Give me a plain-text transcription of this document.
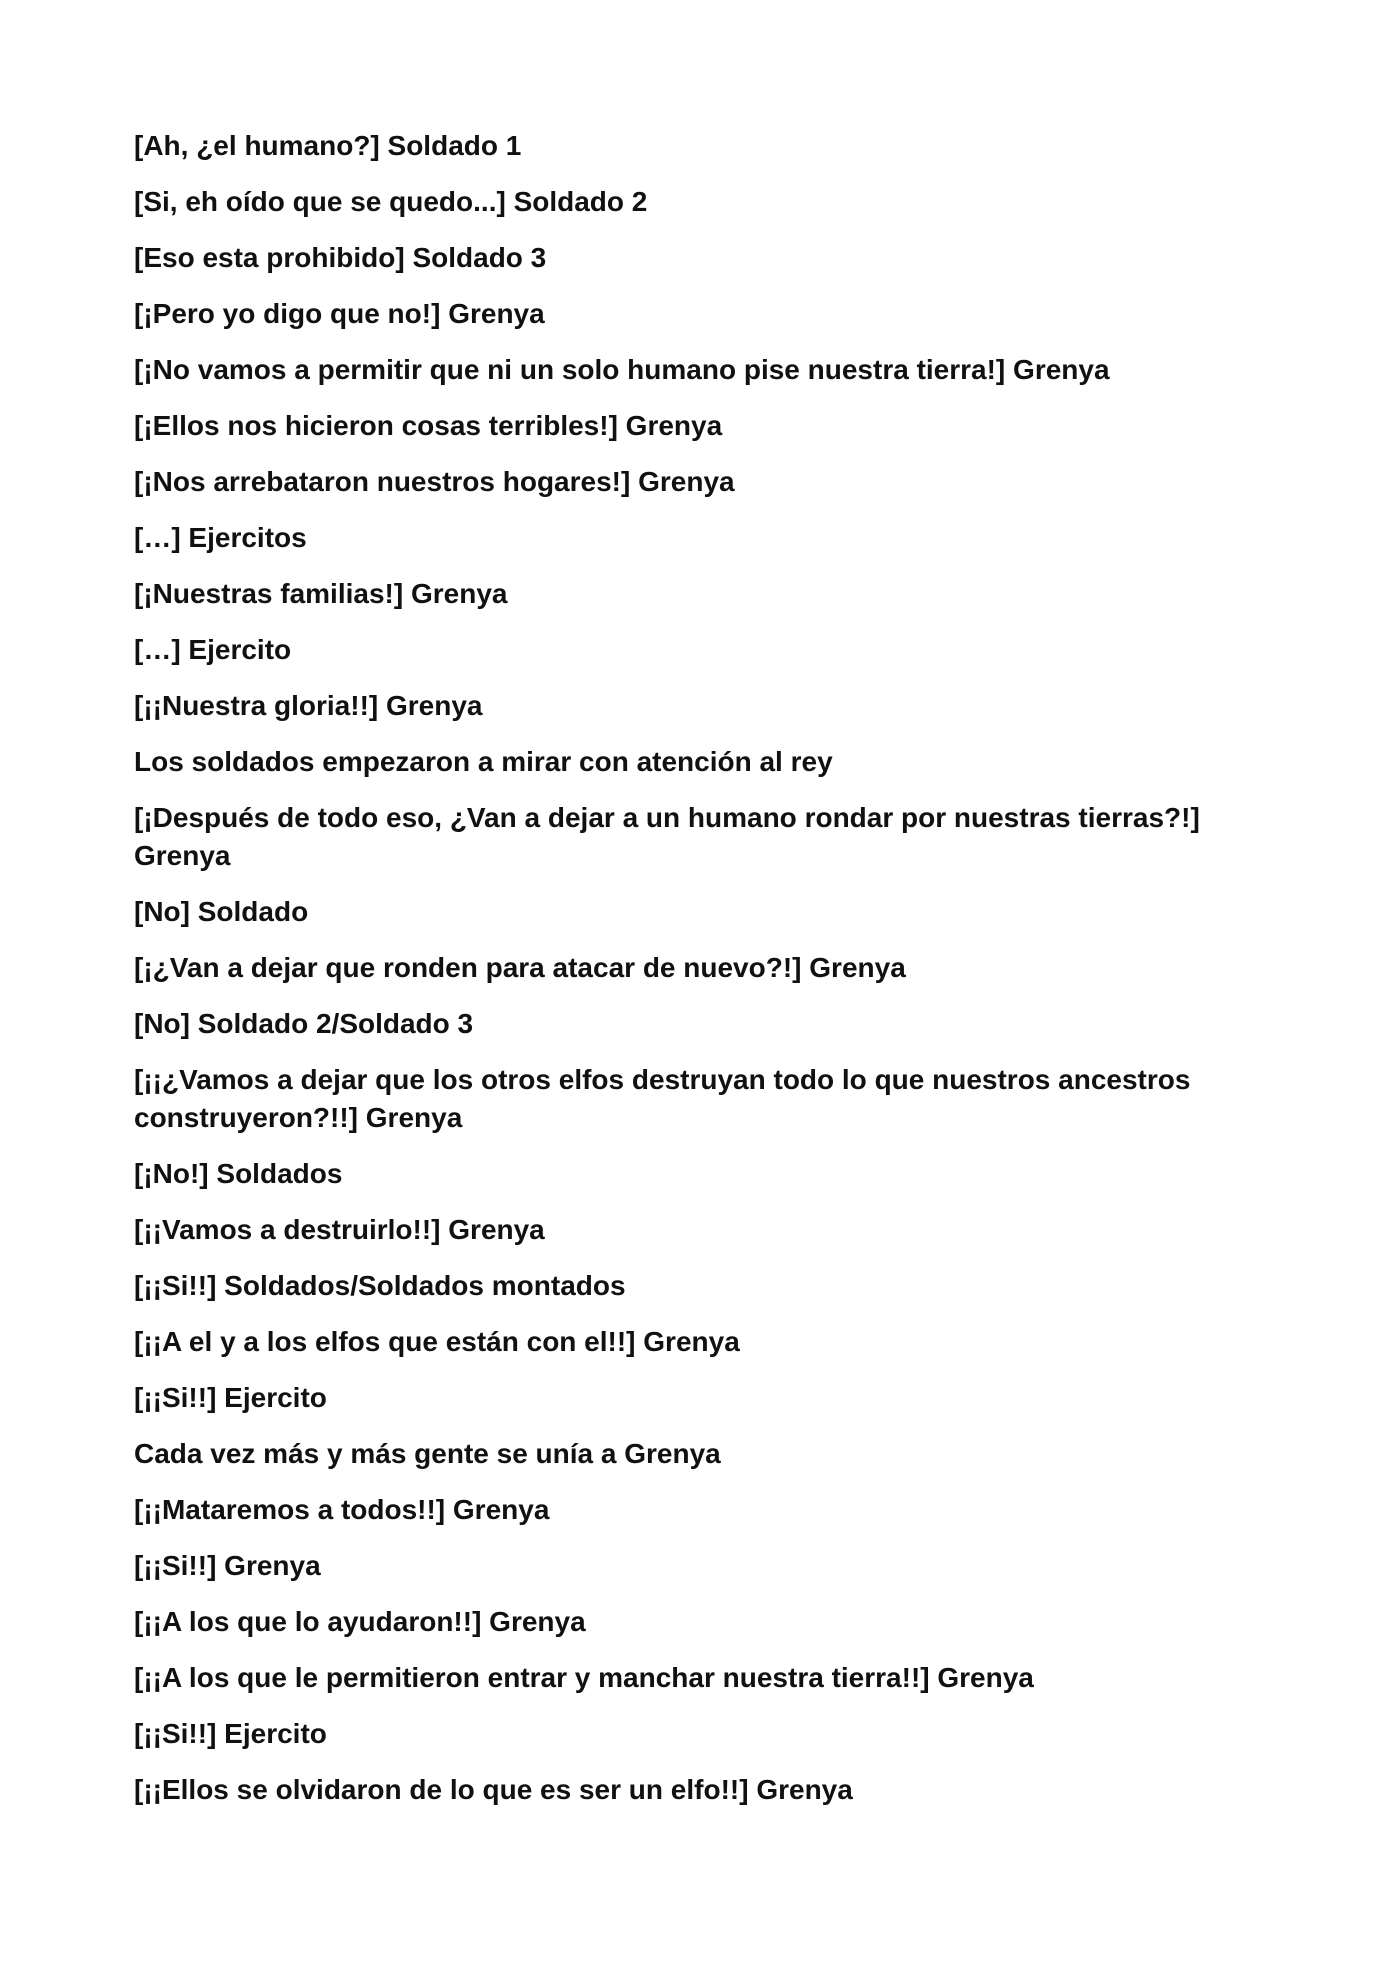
[Ah, ¿el humano?] Soldado 1

[Si, eh oído que se quedo...] Soldado 2

[Eso esta prohibido] Soldado 3

[¡Pero yo digo que no!] Grenya

[¡No vamos a permitir que ni un solo humano pise nuestra tierra!] Grenya

[¡Ellos nos hicieron cosas terribles!] Grenya

[¡Nos arrebataron nuestros hogares!] Grenya

[…] Ejercitos

[¡Nuestras familias!] Grenya

[…] Ejercito

[¡¡Nuestra gloria!!] Grenya

Los soldados empezaron a mirar con atención al rey

[¡Después de todo eso, ¿Van a dejar a un humano rondar por nuestras tierras?!] Grenya

[No] Soldado

[¡¿Van a dejar que ronden para atacar de nuevo?!] Grenya

[No] Soldado 2/Soldado 3

[¡¡¿Vamos a dejar que los otros elfos destruyan todo lo que nuestros ancestros construyeron?!!] Grenya

[¡No!] Soldados

[¡¡Vamos a destruirlo!!] Grenya

[¡¡Si!!] Soldados/Soldados montados

[¡¡A el y a los elfos que están con el!!] Grenya

[¡¡Si!!] Ejercito

Cada vez más y más gente se unía a Grenya

[¡¡Mataremos a todos!!] Grenya

[¡¡Si!!] Grenya

[¡¡A los que lo ayudaron!!] Grenya

[¡¡A los que le permitieron entrar y manchar nuestra tierra!!] Grenya

[¡¡Si!!] Ejercito

[¡¡Ellos se olvidaron de lo que es ser un elfo!!] Grenya
